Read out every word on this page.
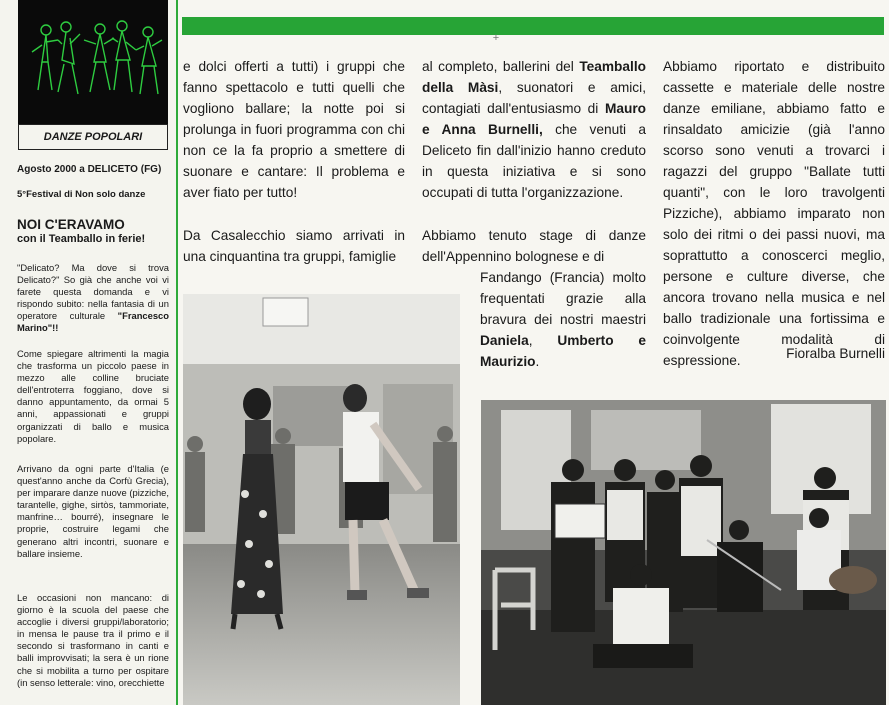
DANZE POPOLARI
Agosto 2000 a DELICETO (FG)
5°Festival di Non solo danze
NOI C'ERAVAMO
con il Teamballo in ferie!
"Delicato? Ma dove si trova Delicato?" So già che anche voi vi farete questa domanda e vi rispondo subito: nella fantasia di un operatore culturale "Francesco Marino"!!
Come spiegare altrimenti la magia che trasforma un piccolo paese in mezzo alle colline bruciate dell'entroterra foggiano, dove si danno appuntamento, da ormai 5 anni, appassionati e gruppi organizzati di ballo e musica popolare.
Arrivano da ogni parte d'Italia (e quest'anno anche da Corfù Grecia), per imparare danze nuove (pizziche, tarantelle, gighe, sirtòs, tammoriate, manfrine… bourré), insegnare le proprie, costruire legami che generano altri incontri, suonare e ballare insieme.
Le occasioni non mancano: di giorno è la scuola del paese che accoglie i diversi gruppi/laboratorio; in mensa le pause tra il primo e il secondo si trasformano in canti e balli improvvisati; la sera è un rione che si mobilita a turno per ospitare (in senso letterale: vino, orecchiette
+
e dolci offerti a tutti) i gruppi che fanno spettacolo e tutti quelli che vogliono ballare; la notte poi si prolunga in fuori programma con chi non ce la fa proprio a smettere di suonare e cantare: Il problema e aver fiato per tutto!
Da Casalecchio siamo arrivati in una cinquantina tra gruppi, famiglie
al completo, ballerini del Teamballo della Màsi, suonatori e amici, contagiati dall'entusiasmo di Mauro e Anna Burnelli, che venuti a Deliceto fin dall'inizio hanno creduto in questa iniziativa e si sono occupati di tutta l'organizzazione.
Abbiamo tenuto stage di danze dell'Appennino bolognese e di
Fandango (Francia) molto frequentati grazie alla bravura dei nostri maestri Daniela, Umberto e Maurizio.
Abbiamo riportato e distribuito cassette e materiale delle nostre danze emiliane, abbiamo fatto e rinsaldato amicizie (già l'anno scorso sono venuti a trovarci i ragazzi del gruppo "Ballate tutti quanti", con le loro travolgenti Pizziche), abbiamo imparato non solo dei ritmi o dei passi nuovi, ma soprattutto a conoscerci meglio, persone e culture diverse, che ancora trovano nella musica e nel ballo tradizionale una fortissima e coinvolgente modalità di espressione.	Fioralba Burnelli
